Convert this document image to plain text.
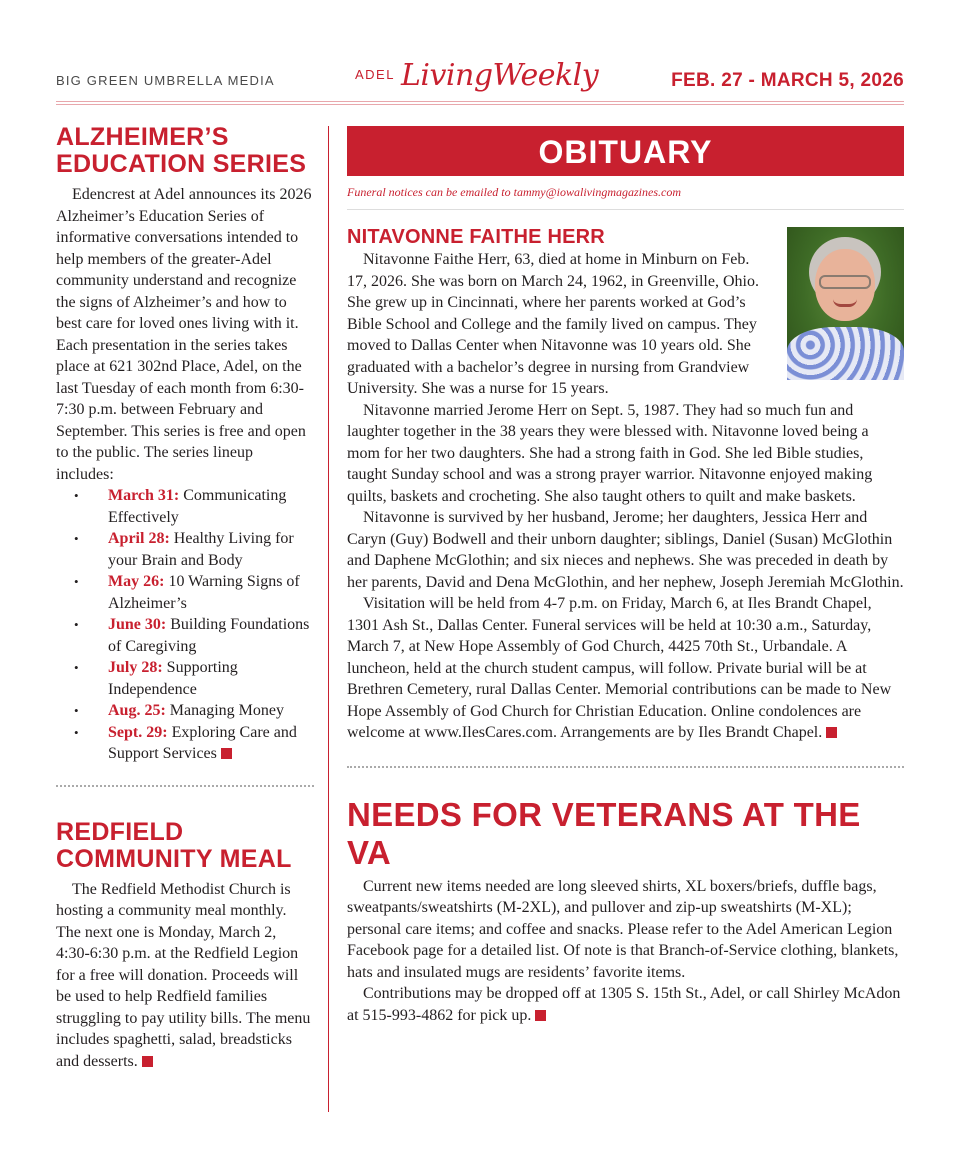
BIG GREEN UMBRELLA MEDIA	$^{ADEL}$ LivingWeekly	FEB. 27 - MARCH 5, 2026
ALZHEIMER’S
EDUCATION SERIES

Edencrest at Adel announces its 2026 Alzheimer’s Education Series of informative conversations intended to help members of the greater-Adel community understand and recognize the signs of Alzheimer’s and how to best care for loved ones living with it. Each presentation in the series takes place at 621 302nd Place, Adel, on the last Tuesday of each month from 6:30-7:30 p.m. between February and September. This series is free and open to the public. The series lineup includes:

• March 31: Communicating Effectively
• April 28: Healthy Living for your Brain and Body
• May 26: 10 Warning Signs of Alzheimer’s
• June 30: Building Foundations of Caregiving
• July 28: Supporting Independence
• Aug. 25: Managing Money
• Sept. 29: Exploring Care and Support Services
REDFIELD
COMMUNITY MEAL

The Redfield Methodist Church is hosting a community meal monthly. The next one is Monday, March 2, 4:30-6:30 p.m. at the Redfield Legion for a free will donation. Proceeds will be used to help Redfield families struggling to pay utility bills. The menu includes spaghetti, salad, breadsticks and desserts.

OBITUARY
Funeral notices can be emailed to tammy@iowalivingmagazines.com
NITAVONNE FAITHE HERR

Nitavonne Faithe Herr, 63, died at home in Minburn on Feb. 17, 2026. She was born on March 24, 1962, in Greenville, Ohio. She grew up in Cincinnati, where her parents worked at God’s Bible School and College and the family lived on campus. They moved to Dallas Center when Nitavonne was 10 years old. She graduated with a bachelor’s degree in nursing from Grandview University. She was a nurse for 15 years.

Nitavonne married Jerome Herr on Sept. 5, 1987. They had so much fun and laughter together in the 38 years they were blessed with. Nitavonne loved being a mom for her two daughters. She had a strong faith in God. She led Bible studies, taught Sunday school and was a strong prayer warrior. Nitavonne enjoyed making quilts, baskets and crocheting. She also taught others to quilt and make baskets.

Nitavonne is survived by her husband, Jerome; her daughters, Jessica Herr and Caryn (Guy) Bodwell and their unborn daughter; siblings, Daniel (Susan) McGlothin and Daphene McGlothin; and six nieces and nephews. She was preceded in death by her parents, David and Dena McGlothin, and her nephew, Joseph Jeremiah McGlothin.

Visitation will be held from 4-7 p.m. on Friday, March 6, at Iles Brandt Chapel, 1301 Ash St., Dallas Center. Funeral services will be held at 10:30 a.m., Saturday, March 7, at New Hope Assembly of God Church, 4425 70th St., Urbandale. A luncheon, held at the church student campus, will follow. Private burial will be at Brethren Cemetery, rural Dallas Center. Memorial contributions can be made to New Hope Assembly of God Church for Christian Education. Online condolences are welcome at www.IlesCares.com. Arrangements are by Iles Brandt Chapel.

NEEDS FOR VETERANS AT THE VA

Current new items needed are long sleeved shirts, XL boxers/briefs, duffle bags, sweatpants/sweatshirts (M-2XL), and pullover and zip-up sweatshirts (M-XL); personal care items; and coffee and snacks. Please refer to the Adel American Legion Facebook page for a detailed list. Of note is that Branch-of-Service clothing, blankets, hats and insulated mugs are residents’ favorite items.

Contributions may be dropped off at 1305 S. 15th St., Adel, or call Shirley McAdon at 515-993-4862 for pick up.
